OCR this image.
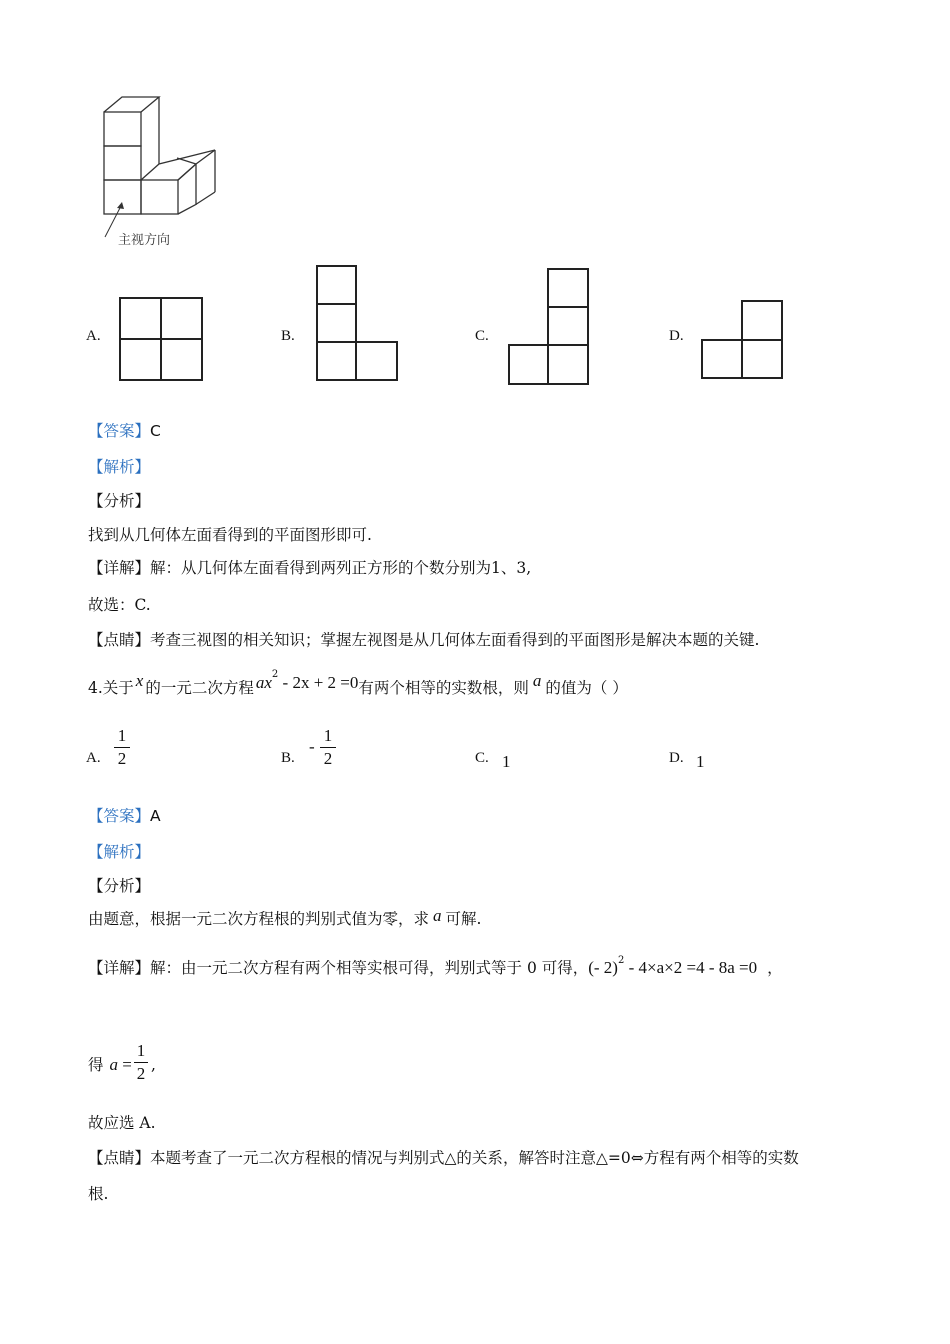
主视方向
A.	B.	C.	D.
【答案】C
【解析】
【分析】
找到从几何体左面看得到的平面图形即可.
【详解】解：从几何体左面看得到两列正方形的个数分别为1、3,
故选：C.
【点睛】考查三视图的相关知识；掌握左视图是从几何体左面看得到的平面图形是解决本题的关键.
4.关于 x 的一元二次方程 $ax^2 - 2x + 2 =0$有两个相等的实数根，则 a 的值为（ ）
A.
1
2	B.
-
1
2	C. 1	D. 1
【答案】A
【解析】
【分析】
由题意，根据一元二次方程根的判别式值为零，求 a 可解.
【详解】解：由一元二次方程有两个相等实根可得，判别式等于 0 可得，(- 2)$^2$ - 4×a×2 =4 - 8a =0 ，
得 a =
1
2 ,
故应选 A.
【点睛】本题考查了一元二次方程根的情况与判别式△的关系，解答时注意△=0⇔方程有两个相等的实数
根.
